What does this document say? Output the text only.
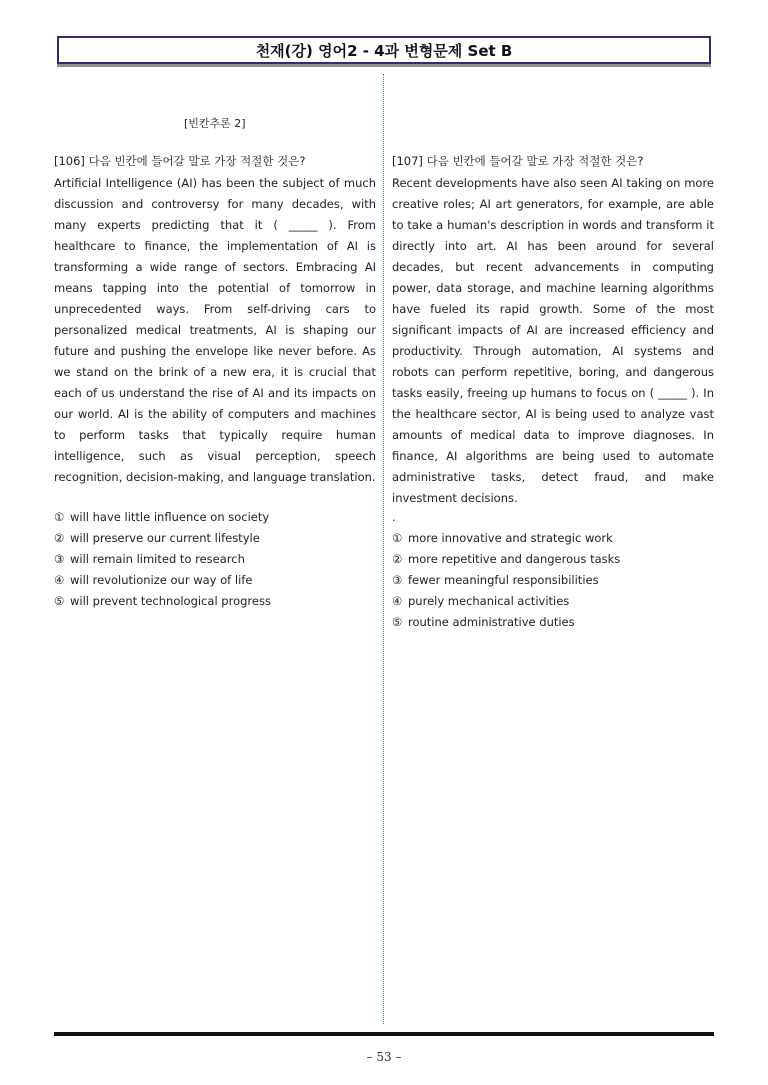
천재(강) 영어2 - 4과 변형문제 Set B
[빈칸추론 2]
[106] 다음 빈칸에 들어갈 말로 가장 적절한 것은?
Artificial Intelligence (AI) has been the subject of much discussion and controversy for many decades, with many experts predicting that it ( _____ ). From healthcare to finance, the implementation of AI is transforming a wide range of sectors. Embracing AI means tapping into the potential of tomorrow in unprecedented ways. From self-driving cars to personalized medical treatments, AI is shaping our future and pushing the envelope like never before. As we stand on the brink of a new era, it is crucial that each of us understand the rise of AI and its impacts on our world. AI is the ability of computers and machines to perform tasks that typically require human intelligence, such as visual perception, speech recognition, decision-making, and language translation.
① will have little influence on society
② will preserve our current lifestyle
③ will remain limited to research
④ will revolutionize our way of life
⑤ will prevent technological progress
[107] 다음 빈칸에 들어갈 말로 가장 적절한 것은?
Recent developments have also seen AI taking on more creative roles; AI art generators, for example, are able to take a human's description in words and transform it directly into art. AI has been around for several decades, but recent advancements in computing power, data storage, and machine learning algorithms have fueled its rapid growth. Some of the most significant impacts of AI are increased efficiency and productivity. Through automation, AI systems and robots can perform repetitive, boring, and dangerous tasks easily, freeing up humans to focus on ( _____ ). In the healthcare sector, AI is being used to analyze vast amounts of medical data to improve diagnoses. In finance, AI algorithms are being used to automate administrative tasks, detect fraud, and make investment decisions.
.
① more innovative and strategic work
② more repetitive and dangerous tasks
③ fewer meaningful responsibilities
④ purely mechanical activities
⑤ routine administrative duties
– 53 –
